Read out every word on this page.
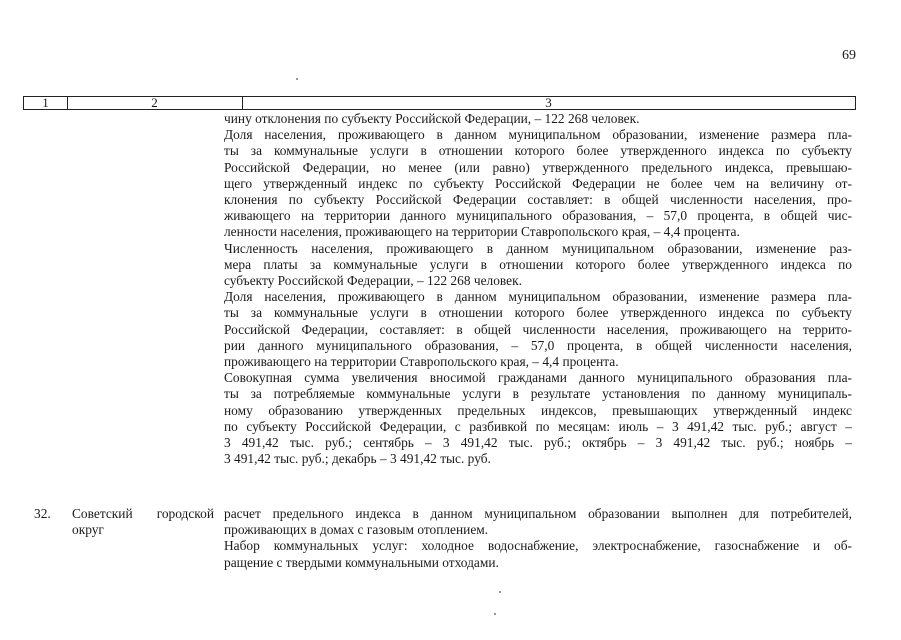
69
1	2	3

чину отклонения по субъекту Российской Федерации, – 122 268 человек.

Доля населения, проживающего в данном муниципальном образовании, изменение размера пла-

ты за коммунальные услуги в отношении которого более утвержденного индекса по субъекту

Российской Федерации, но менее (или равно) утвержденного предельного индекса, превышаю-

щего утвержденный индекс по субъекту Российской Федерации не более чем на величину от-

клонения по субъекту Российской Федерации составляет: в общей численности населения, про-

живающего на территории данного муниципального образования, – 57,0 процента, в общей чис-

ленности населения, проживающего на территории Ставропольского края, – 4,4 процента.

Численность населения, проживающего в данном муниципальном образовании, изменение раз-

мера платы за коммунальные услуги в отношении которого более утвержденного индекса по

субъекту Российской Федерации, – 122 268 человек.

Доля населения, проживающего в данном муниципальном образовании, изменение размера пла-

ты за коммунальные услуги в отношении которого более утвержденного индекса по субъекту

Российской Федерации, составляет: в общей численности населения, проживающего на террито-

рии данного муниципального образования, – 57,0 процента, в общей численности населения,

проживающего на территории Ставропольского края, – 4,4 процента.

Совокупная сумма увеличения вносимой гражданами данного муниципального образования пла-

ты за потребляемые коммунальные услуги в результате установления по данному муниципаль-

ному образованию утвержденных предельных индексов, превышающих утвержденный индекс

по субъекту Российской Федерации, с разбивкой по месяцам: июль – 3 491,42 тыс. руб.; август –

3 491,42 тыс. руб.; сентябрь – 3 491,42 тыс. руб.; октябрь – 3 491,42 тыс. руб.; ноябрь –

3 491,42 тыс. руб.; декабрь – 3 491,42 тыс. руб.

32. Советский городской
округ

расчет предельного индекса в данном муниципальном образовании выполнен для потребителей,

проживающих в домах с газовым отоплением.

Набор коммунальных услуг: холодное водоснабжение, электроснабжение, газоснабжение и об-

ращение с твердыми коммунальными отходами.
